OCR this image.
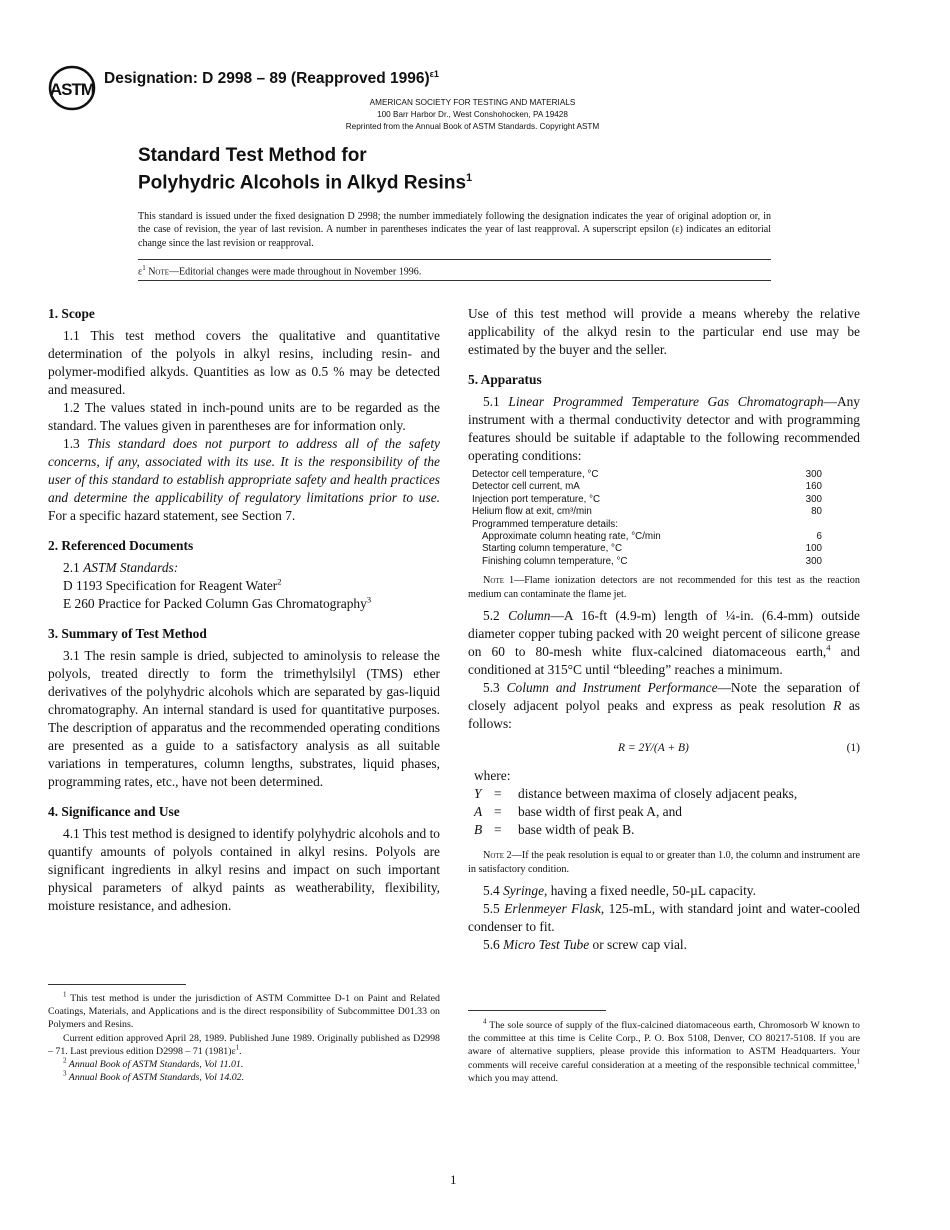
ASTM
Designation: D 2998 – 89 (Reapproved 1996)$^{\varepsilon 1}$
AMERICAN SOCIETY FOR TESTING AND MATERIALS
100 Barr Harbor Dr., West Conshohocken, PA 19428
Reprinted from the Annual Book of ASTM Standards. Copyright ASTM
Standard Test Method for
Polyhydric Alcohols in Alkyd Resins$^1$
This standard is issued under the fixed designation D 2998; the number immediately following the designation indicates the year of original adoption or, in the case of revision, the year of last revision. A number in parentheses indicates the year of last reapproval. A superscript epsilon (ε) indicates an editorial change since the last revision or reapproval.
$\varepsilon^1$ Note—Editorial changes were made throughout in November 1996.
1. Scope

1.1 This test method covers the qualitative and quantitative determination of the polyols in alkyl resins, including resin- and polymer-modified alkyds. Quantities as low as 0.5 % may be detected and measured.

1.2 The values stated in inch-pound units are to be regarded as the standard. The values given in parentheses are for information only.

1.3 This standard does not purport to address all of the safety concerns, if any, associated with its use. It is the responsibility of the user of this standard to establish appropriate safety and health practices and determine the applicability of regulatory limitations prior to use. For a specific hazard statement, see Section 7.

2. Referenced Documents

2.1 ASTM Standards:

D 1193 Specification for Reagent Water$^2$

E 260 Practice for Packed Column Gas Chromatography$^3$

3. Summary of Test Method

3.1 The resin sample is dried, subjected to aminolysis to release the polyols, treated directly to form the trimethylsilyl (TMS) ether derivatives of the polyhydric alcohols which are separated by gas-liquid chromatography. An internal standard is used for quantitative purposes. The description of apparatus and the recommended operating conditions are presented as a guide to a satisfactory analysis as all suitable variations in temperatures, column lengths, substrates, liquid phases, programming rates, etc., have not been determined.

4. Significance and Use

4.1 This test method is designed to identify polyhydric alcohols and to quantify amounts of polyols contained in alkyl resins. Polyols are significant ingredients in alkyl resins and impact on such important physical parameters of alkyd paints as weatherability, flexibility, moisture resistance, and adhesion.

Use of this test method will provide a means whereby the relative applicability of the alkyd resin to the particular end use may be estimated by the buyer and the seller.

5. Apparatus

5.1 Linear Programmed Temperature Gas Chromatograph—Any instrument with a thermal conductivity detector and with programming features should be suitable if adaptable to the following recommended operating conditions:

Detector cell temperature, °C	300
Detector cell current, mA	160
Injection port temperature, °C	300
Helium flow at exit, cm³/min	80
Programmed temperature details:	
Approximate column heating rate, °C/min	6
Starting column temperature, °C	100
Finishing column temperature, °C	300

Note 1—Flame ionization detectors are not recommended for this test as the reaction medium can contaminate the flame jet.

5.2 Column—A 16-ft (4.9-m) length of ¼-in. (6.4-mm) outside diameter copper tubing packed with 20 weight percent of silicone grease on 60 to 80-mesh white flux-calcined diatomaceous earth,$^4$ and conditioned at 315°C until “bleeding” reaches a minimum.

5.3 Column and Instrument Performance—Note the separation of closely adjacent polyol peaks and express as peak resolution R as follows:

R = 2Y/(A + B)	(1)
where:
Y =	distance between maxima of closely adjacent peaks,
A =	base width of first peak A, and
B =	base width of peak B.

Note 2—If the peak resolution is equal to or greater than 1.0, the column and instrument are in satisfactory condition.

5.4 Syringe, having a fixed needle, 50-µL capacity.

5.5 Erlenmeyer Flask, 125-mL, with standard joint and water-cooled condenser to fit.

5.6 Micro Test Tube or screw cap vial.

$^1$ This test method is under the jurisdiction of ASTM Committee D-1 on Paint and Related Coatings, Materials, and Applications and is the direct responsibility of Subcommittee D01.33 on Polymers and Resins.

Current edition approved April 28, 1989. Published June 1989. Originally published as D2998 – 71. Last previous edition D2998 – 71 $(1981)\varepsilon^1$.

$^2$ Annual Book of ASTM Standards, Vol 11.01.

$^3$ Annual Book of ASTM Standards, Vol 14.02.

$^4$ The sole source of supply of the flux-calcined diatomaceous earth, Chromosorb W known to the committee at this time is Celite Corp., P. O. Box 5108, Denver, CO 80217-5108. If you are aware of alternative suppliers, please provide this information to ASTM Headquarters. Your comments will receive careful consideration at a meeting of the responsible technical committee,$^1$ which you may attend.

1
